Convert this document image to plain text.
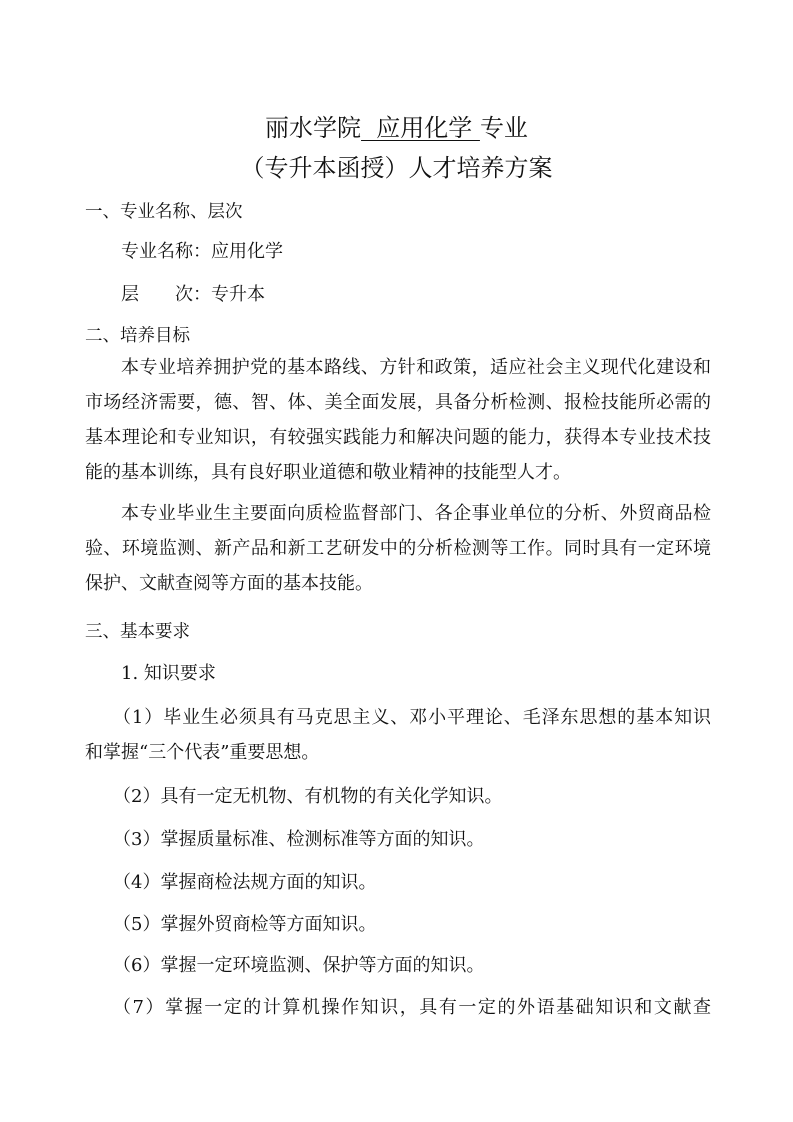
丽水学院  应用化学 专业
（专升本函授）人才培养方案
一、专业名称、层次
专业名称：应用化学
层　　次：专升本
二、培养目标
本专业培养拥护党的基本路线、方针和政策，适应社会主义现代化建设和
市场经济需要，德、智、体、美全面发展，具备分析检测、报检技能所必需的
基本理论和专业知识，有较强实践能力和解决问题的能力，获得本专业技术技
能的基本训练，具有良好职业道德和敬业精神的技能型人才。
本专业毕业生主要面向质检监督部门、各企事业单位的分析、外贸商品检
验、环境监测、新产品和新工艺研发中的分析检测等工作。同时具有一定环境
保护、文献查阅等方面的基本技能。
三、基本要求
1. 知识要求
（1）毕业生必须具有马克思主义、邓小平理论、毛泽东思想的基本知识
和掌握“三个代表”重要思想。
（2）具有一定无机物、有机物的有关化学知识。
（3）掌握质量标准、检测标准等方面的知识。
（4）掌握商检法规方面的知识。
（5）掌握外贸商检等方面知识。
（6）掌握一定环境监测、保护等方面的知识。
（7）掌握一定的计算机操作知识，具有一定的外语基础知识和文献查
